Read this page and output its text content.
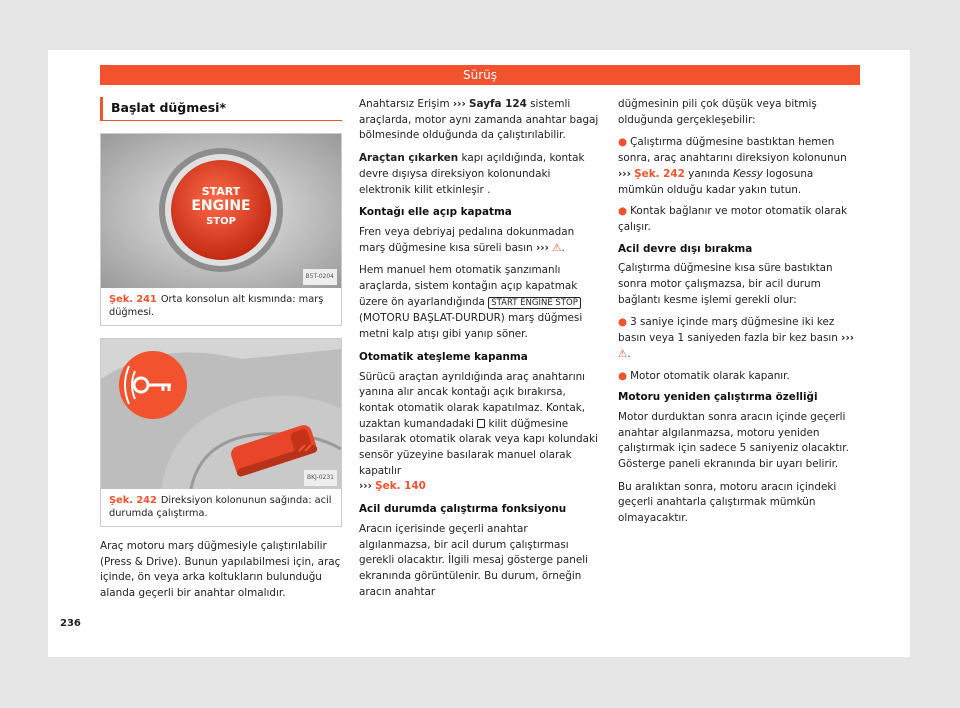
Sürüş
Başlat düğmesi*
START
ENGINE
STOP
B5T-0204
Şek. 241 Orta konsolun alt kısmında: marş düğmesi.
BKJ-0231
Şek. 242 Direksiyon kolonunun sağında: acil durumda çalıştırma.

Araç motoru marş düğmesiyle çalıştırılabilir (Press & Drive). Bunun yapılabilmesi için, araç içinde, ön veya arka koltukların bulunduğu alanda geçerli bir anahtar olmalıdır.

Anahtarsız Erişim ››› Sayfa 124 sistemli araçlarda, motor aynı zamanda anahtar bagaj bölmesinde olduğunda da çalıştırılabilir.

Araçtan çıkarken kapı açıldığında, kontak devre dışıysa direksiyon kolonundaki elektronik kilit etkinleşir .

Kontağı elle açıp kapatma

Fren veya debriyaj pedalına dokunmadan marş düğmesine kısa süreli basın ››› ⚠.

Hem manuel hem otomatik şanzımanlı araçlarda, sistem kontağın açıp kapatmak üzere ön ayarlandığında START ENGINE STOP (MOTORU BAŞLAT-DURDUR) marş düğmesi metni kalp atışı gibi yanıp söner.

Otomatik ateşleme kapanma

Sürücü araçtan ayrıldığında araç anahtarını yanına alır ancak kontağı açık bırakırsa, kontak otomatik olarak kapatılmaz. Kontak, uzaktan kumandadaki  kilit düğmesine basılarak otomatik olarak veya kapı kolundaki sensör yüzeyine basılarak manuel olarak kapatılır
››› Şek. 140

Acil durumda çalıştırma fonksiyonu

Aracın içerisinde geçerli anahtar algılanmazsa, bir acil durum çalıştırması gerekli olacaktır. İlgili mesaj gösterge paneli ekranında görüntülenir. Bu durum, örneğin aracın anahtar

düğmesinin pili çok düşük veya bitmiş olduğunda gerçekleşebilir:

● Çalıştırma düğmesine bastıktan hemen sonra, araç anahtarını direksiyon kolonunun ››› Şek. 242 yanında Kessy logosuna mümkün olduğu kadar yakın tutun.

● Kontak bağlanır ve motor otomatik olarak çalışır.

Acil devre dışı bırakma

Çalıştırma düğmesine kısa süre bastıktan sonra motor çalışmazsa, bir acil durum bağlantı kesme işlemi gerekli olur:

● 3 saniye içinde marş düğmesine iki kez basın veya 1 saniyeden fazla bir kez basın ››› ⚠.

● Motor otomatik olarak kapanır.

Motoru yeniden çalıştırma özelliği

Motor durduktan sonra aracın içinde geçerli anahtar algılanmazsa, motoru yeniden çalıştırmak için sadece 5 saniyeniz olacaktır. Gösterge paneli ekranında bir uyarı belirir.

Bu aralıktan sonra, motoru aracın içindeki geçerli anahtarla çalıştırmak mümkün olmayacaktır.

236
